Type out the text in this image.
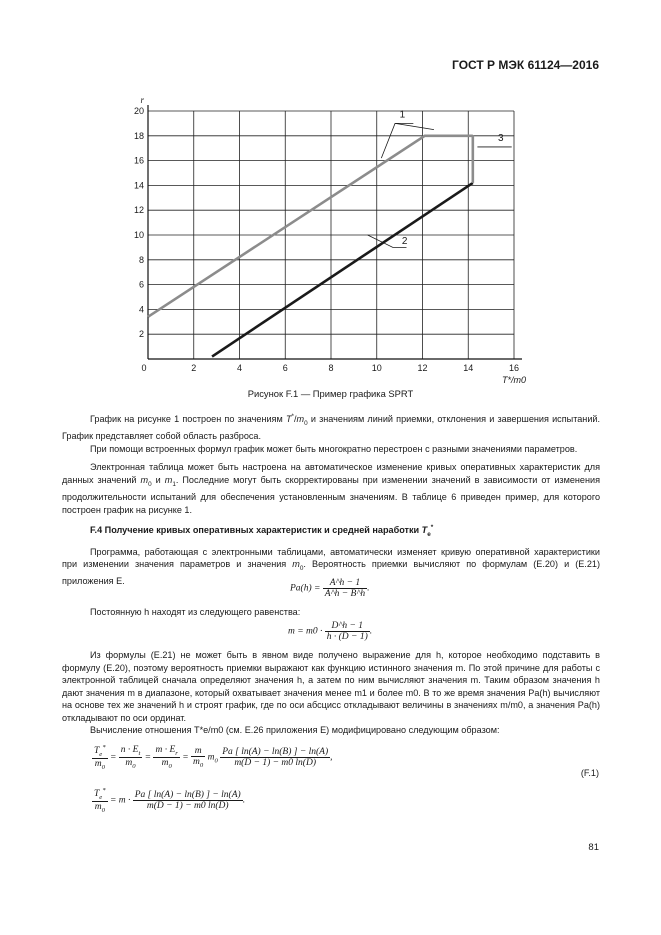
ГОСТ Р МЭК 61124—2016
0	2	4	6	8	10	12	14	16
2
4
6
8
10
12
14
16
18
20
r
T*/m0
1
2
3
Рисунок F.1 — Пример графика SPRT

График на рисунке 1 построен по значениям $T^*/m_0$ и значениям линий приемки, отклонения и завершения испытаний. График представляет собой область разброса.

При помощи встроенных формул график может быть многократно перестроен с разными значениями параметров.

Электронная таблица может быть настроена на автоматическое изменение кривых оперативных характеристик для данных значений $m_0$ и $m_1$. Последние могут быть скорректированы при изменении значений в зависимости от изменения продолжительности испытаний для обеспечения установленным значениям. В таблице 6 приведен пример, для которого построен график на рисунке 1.

F.4 Получение кривых оперативных характеристик и средней наработки $T_e^*$

Программа, работающая с электронными таблицами, автоматически изменяет кривую оперативной характеристики при изменении значения параметров и значения $m_0$. Вероятность приемки вычисляют по формулам (E.20) и (E.21) приложения E.

$Pa(h) = \frac{A\^{}h - 1}{A\^{}h - B\^{}h}$ .

Постоянную h находят из следующего равенства:

$m = m0 \cdot \frac{D\^{}h - 1}{h \cdot (D - 1)}$ .

Из формулы (E.21) не может быть в явном виде получено выражение для h, которое необходимо подставить в формулу (E.20), поэтому вероятность приемки выражают как функцию истинного значения m. По этой причине для работы с электронной таблицей сначала определяют значения h, а затем по ним вычисляют значения m. Таким образом значения h дают значения m в диапазоне, который охватывает значения менее m1 и более m0. В то же время значения Pa(h) вычисляют на основе тех же значений h и строят график, где по оси абсцисс откладывают величины в значениях m/m0, а значения Pa(h) откладывают по оси ординат.

Вычисление отношения T*e/m0 (см. E.26 приложения E) модифицировано следующим образом:

$\frac{T_e^*}{m_0} = \frac{n \cdot E_t}{m_0} = \frac{m \cdot E_r}{m_0} = \frac{m}{m_0} m_0 \frac{Pa [ \ln(A) - \ln(B) ] - \ln(A)}{m(D - 1) - m0 \ln(D)}$ ,
(F.1)
$\frac{T_e^*}{m_0} = m \cdot \frac{Pa [ \ln(A) - \ln(B) ] - \ln(A)}{m(D - 1) - m0 \ln(D)}$ .
81
